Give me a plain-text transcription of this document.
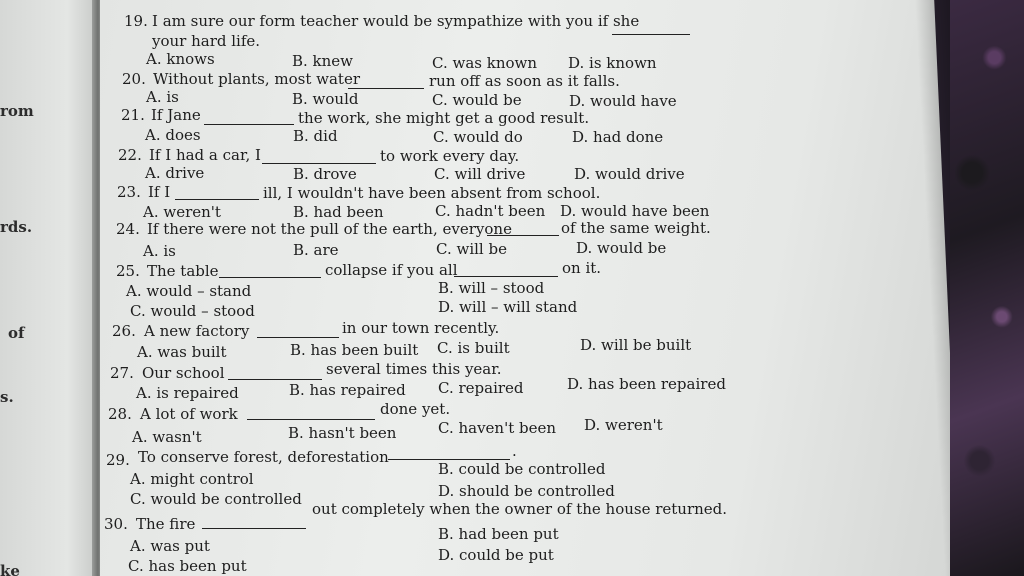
rom
rds.
of
s.
ke
19. I am sure our form teacher would be sympathize with you if she
your hard life.
A. knows	B. knew	C. was known D. is known
20. Without plants, most water	run off as soon as it falls.
A. is	B. would	C. would be	D. would have
21. If Jane	the work, she might get a good result.
A. does	B. did	C. would do	D. had done
22. If I had a car, I	to work every day.
A. drive	B. drove	C. will drive	D. would drive
23. If I	ill, I wouldn't have been absent from school.
A. weren't	B. had been	C. hadn't been D. would have been
24. If there were not the pull of the earth, everyone	of the same weight.
A. is	B. are	C. will be	D. would be
25. The table	collapse if you all	on it.
A. would – stand	B. will – stood
C. would – stood	D. will – will stand
26. A new factory	in our town recently.
A. was built	B. has been built C. is built	D. will be built
27. Our school	several times this year.
A. is repaired	B. has repaired C. repaired	D. has been repaired
28. A lot of work	done yet.
A. wasn't	B. hasn't been	C. haven't been D. weren't
29. To conserve forest, deforestation	.
A. might control
B. could be controlled
C. would be controlled	D. should be controlled
30. The fire
out completely when the owner of the house returned.
A. was put
B. had been put
C. has been put
D. could be put
